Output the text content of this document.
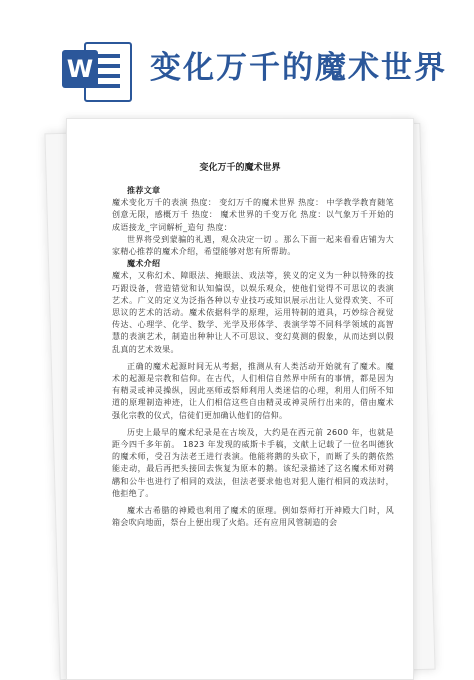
W 变化万千的魔术世界
变化万千的魔术世界
推荐文章

魔术变化万千的表演 热度： 变幻万千的魔术世界 热度： 中学教学教育随笔创意无限，感概万千 热度： 魔术世界的千变万化 热度：以气象万千开始的成语接龙_字词解析_造句 热度：

世界将受到蒙骗的礼遇，观众决定一切 。那么下面一起来看看店铺为大家精心推荐的魔术介绍，希望能够对您有所帮助。

魔术介绍

魔术，又称幻术、障眼法、掩眼法、戏法等，狭义的定义为一种以特殊的技巧跟设备，营造错觉和认知偏误，以娱乐观众，使他们觉得不可思议的表演艺术。广义的定义为泛指各种以专业技巧或知识展示出让人觉得欢笑、不可思议的艺术的活动。魔术依据科学的原理，运用特制的道具，巧妙综合视觉传达、心理学、化学、数学、光学及形体学、表演学等不同科学领域的高智慧的表演艺术，制造出种种让人不可思议、变幻莫测的假象，从而达到以假乱真的艺术效果。

正确的魔术起源时间无从考据，推测从有人类活动开始就有了魔术。魔术的起源是宗教和信仰。在古代，人们相信自然界中所有的事情，都是因为有精灵或神灵操纵，因此巫师或祭师利用人类迷信的心理，利用人们所不知道的原理制造神迹，让人们相信这些自由精灵或神灵所行出来的，借由魔术强化宗教的仪式，信徒们更加确认他们的信仰。

历史上最早的魔术纪录是在古埃及，大约是在西元前 2600 年，也就是距今四千多年前。 1823 年发现的威斯卡手稿，文献上记载了一位名叫德狄的魔术师，受召为法老王进行表演。他能将鹅的头砍下，而断了头的鹅依然能走动，最后再把头接回去恢复为原本的鹅。该纪录描述了这名魔术师对鹈鹕和公牛也进行了相同的戏法，但法老要求他也对犯人施行相同的戏法时，他拒绝了。

魔术古希腊的神殿也利用了魔术的原理。例如祭师打开神殿大门时，风箱会吹向地面，祭台上便出现了火焰。还有应用风管制造的会
